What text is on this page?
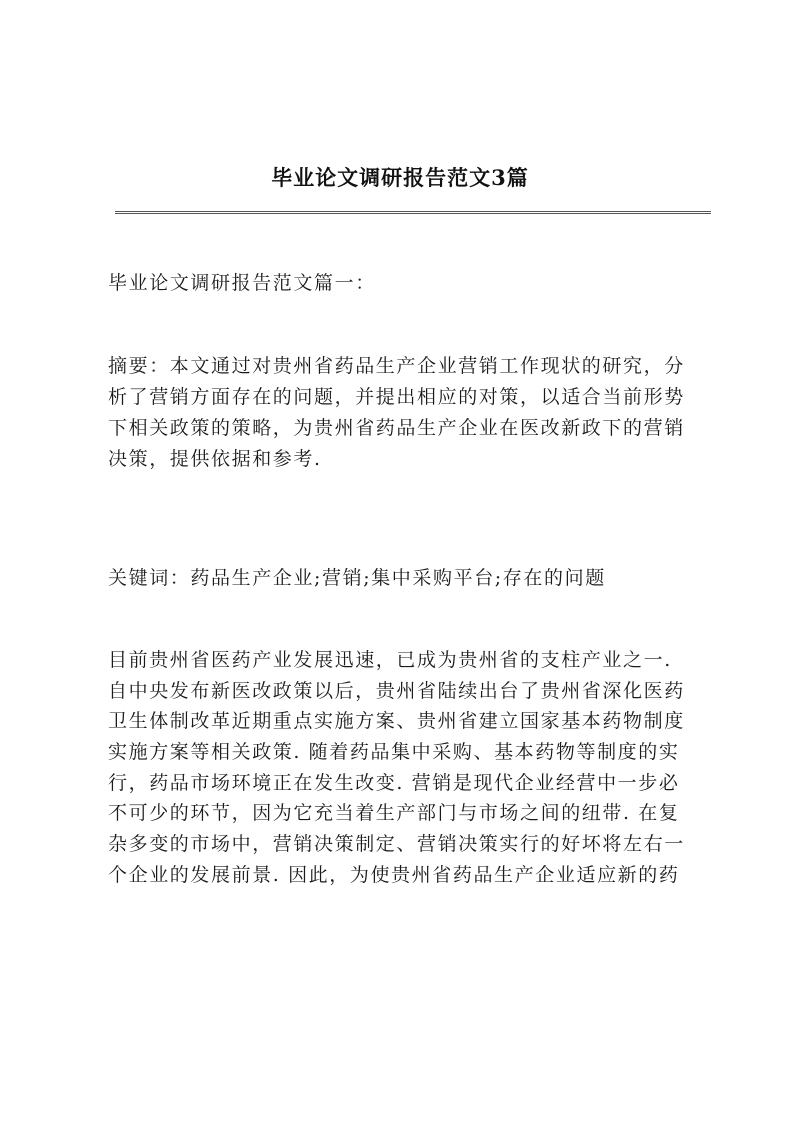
毕业论文调研报告范文3篇
毕业论文调研报告范文篇一：
摘要：本文通过对贵州省药品生产企业营销工作现状的研究，分
析了营销方面存在的问题，并提出相应的对策，以适合当前形势
下相关政策的策略，为贵州省药品生产企业在医改新政下的营销
决策，提供依据和参考.
关键词：药品生产企业;营销;集中采购平台;存在的问题
目前贵州省医药产业发展迅速，已成为贵州省的支柱产业之一.
自中央发布新医改政策以后，贵州省陆续出台了贵州省深化医药
卫生体制改革近期重点实施方案、贵州省建立国家基本药物制度
实施方案等相关政策. 随着药品集中采购、基本药物等制度的实
行，药品市场环境正在发生改变. 营销是现代企业经营中一步必
不可少的环节，因为它充当着生产部门与市场之间的纽带. 在复
杂多变的市场中，营销决策制定、营销决策实行的好坏将左右一
个企业的发展前景. 因此，为使贵州省药品生产企业适应新的药
